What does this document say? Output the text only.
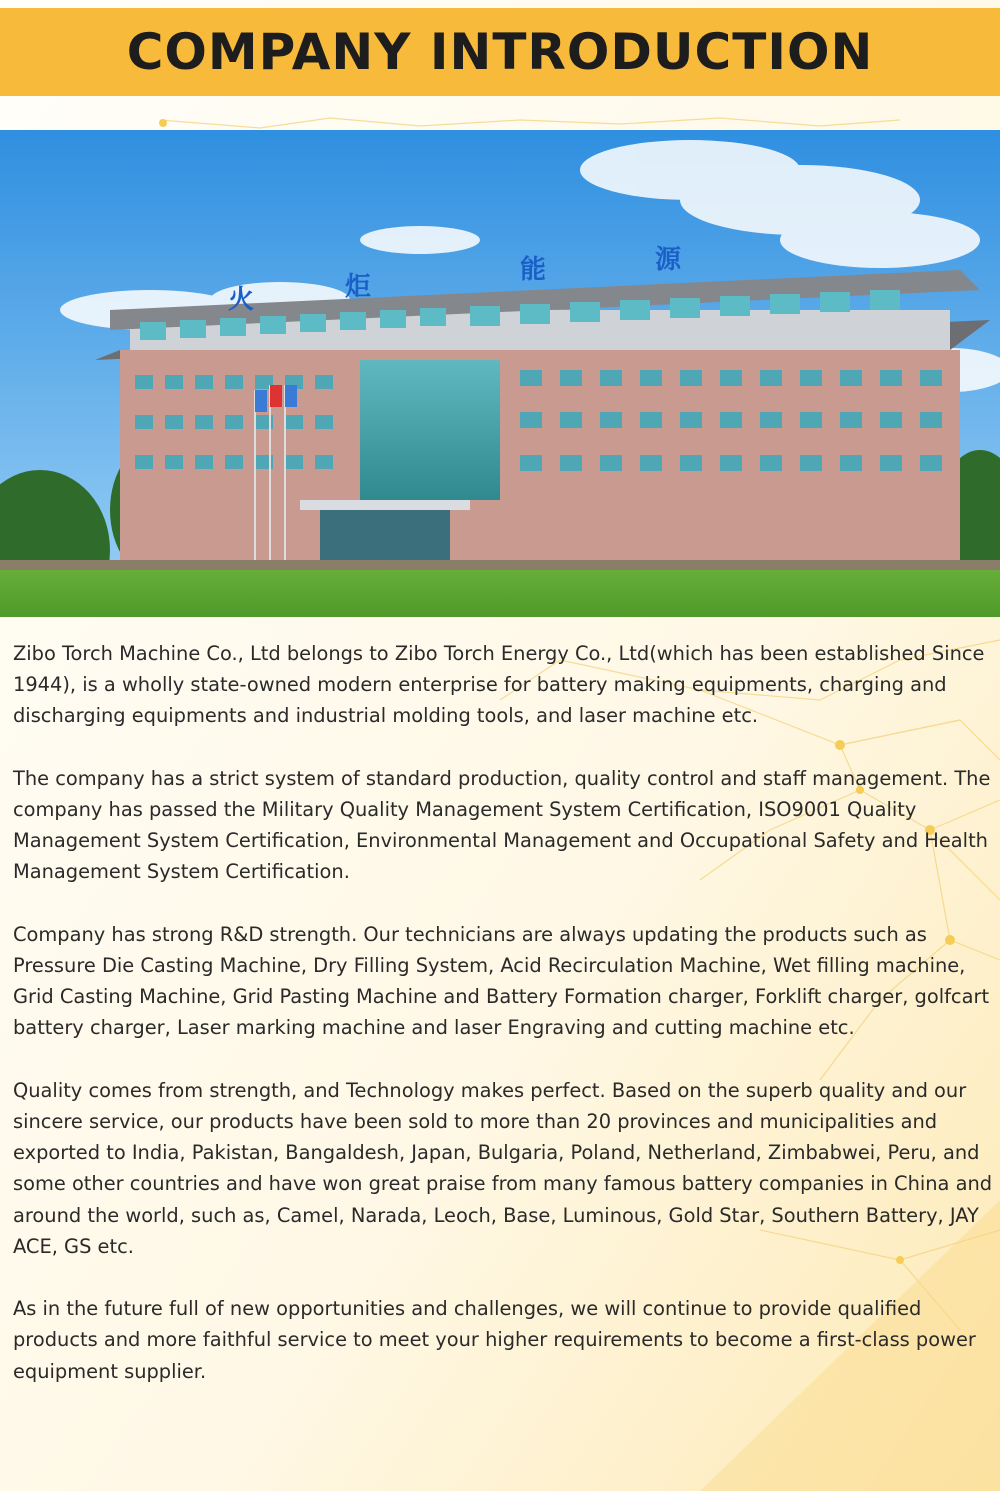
COMPANY INTRODUCTION
火	炬
能	源

Zibo Torch Machine Co., Ltd belongs to Zibo Torch Energy Co., Ltd(which has been established Since 1944), is a wholly state-owned modern enterprise for battery making equipments, charging and discharging equipments and industrial molding tools, and laser machine etc.

The company has a strict system of standard production, quality control and staff management. The company has passed the Military Quality Management System Certification, ISO9001 Quality Management System Certification, Environmental Management and Occupational Safety and Health Management System Certification.

Company has strong R&D strength. Our technicians are always updating the products such as Pressure Die Casting Machine, Dry Filling System, Acid Recirculation Machine, Wet filling machine, Grid Casting Machine, Grid Pasting Machine and Battery Formation charger, Forklift charger, golfcart battery charger, Laser marking machine and laser Engraving and cutting machine etc.

Quality comes from strength, and Technology makes perfect. Based on the superb quality and our sincere service, our products have been sold to more than 20 provinces and municipalities and exported to India, Pakistan, Bangaldesh, Japan, Bulgaria, Poland, Netherland, Zimbabwei, Peru, and some other countries and have won great praise from many famous battery companies in China and around the world, such as, Camel, Narada, Leoch, Base, Luminous, Gold Star, Southern Battery, JAY ACE, GS etc.

As in the future full of new opportunities and challenges, we will continue to provide qualified products and more faithful service to meet your higher requirements to become a first-class power equipment supplier.
